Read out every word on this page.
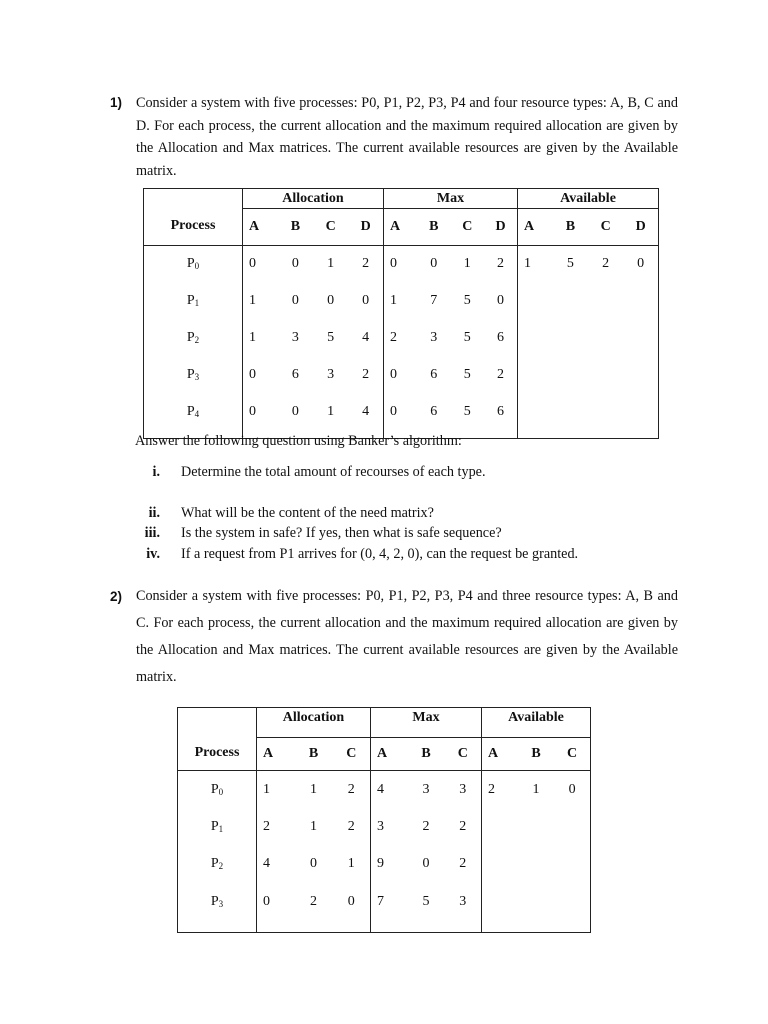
1) Consider a system with five processes: P0, P1, P2, P3, P4 and four resource types: A, B, C and D. For each process, the current allocation and the maximum required allocation are given by the Allocation and Max matrices. The current available resources are given by the Available matrix.
Process	Allocation				Max				Available			
	A	B	C	D	A	B	C	D	A	B	C	D
$P_0$	0	0	1	2	0	0	1	2	1	5	2	0
$P_1$	1	0	0	0	1	7	5	0				
$P_2$	1	3	5	4	2	3	5	6				
$P_3$	0	6	3	2	0	6	5	2				
$P_4$	0	0	1	4	0	6	5	6				

Answer the following question using Banker’s algorithm:
i. Determine the total amount of recourses of each type.
ii. What will be the content of the need matrix?
iii. Is the system in safe? If yes, then what is safe sequence?
iv. If a request from P1 arrives for (0, 4, 2, 0), can the request be granted.
2) Consider a system with five processes: P0, P1, P2, P3, P4 and three resource types: A, B and C. For each process, the current allocation and the maximum required allocation are given by the Allocation and Max matrices. The current available resources are given by the Available matrix.
Process	Allocation			Max			Available		
	A	B	C	A	B	C	A	B	C
$P_0$	1	1	2	4	3	3	2	1	0
$P_1$	2	1	2	3	2	2			
$P_2$	4	0	1	9	0	2			
$P_3$	0	2	0	7	5	3			
